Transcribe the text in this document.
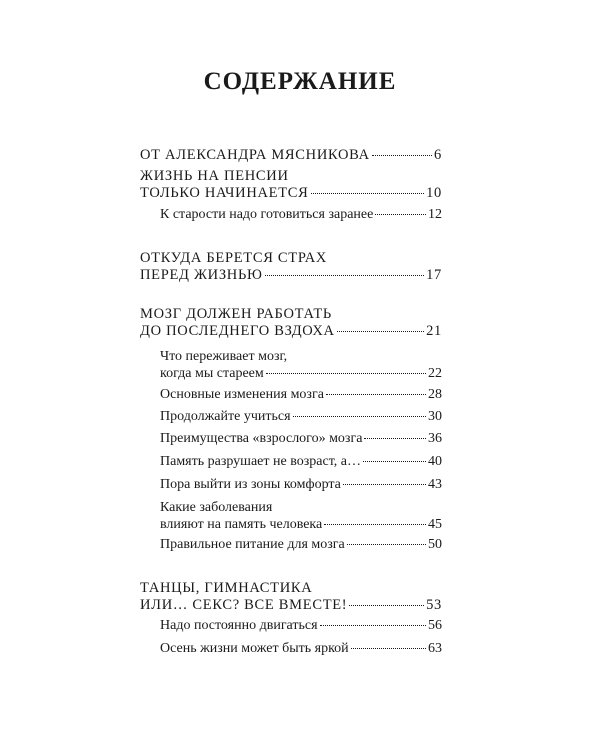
СОДЕРЖАНИЕ
ОТ АЛЕКСАНДРА МЯСНИКОВА	6
ЖИЗНЬ НА ПЕНСИИ
ТОЛЬКО НАЧИНАЕТСЯ	10
К старости надо готовиться заранее	12
ОТКУДА БЕРЕТСЯ СТРАХ
ПЕРЕД ЖИЗНЬЮ	17
МОЗГ ДОЛЖЕН РАБОТАТЬ
ДО ПОСЛЕДНЕГО ВЗДОХА	21
Что переживает мозг,
когда мы стареем	22
Основные изменения мозга	28
Продолжайте учиться	30
Преимущества «взрослого» мозга	36
Память разрушает не возраст, а…	40
Пора выйти из зоны комфорта	43
Какие заболевания
влияют на память человека	45
Правильное питание для мозга	50
ТАНЦЫ, ГИМНАСТИКА
ИЛИ… СЕКС? ВСЕ ВМЕСТЕ!	53
Надо постоянно двигаться	56
Осень жизни может быть яркой	63
